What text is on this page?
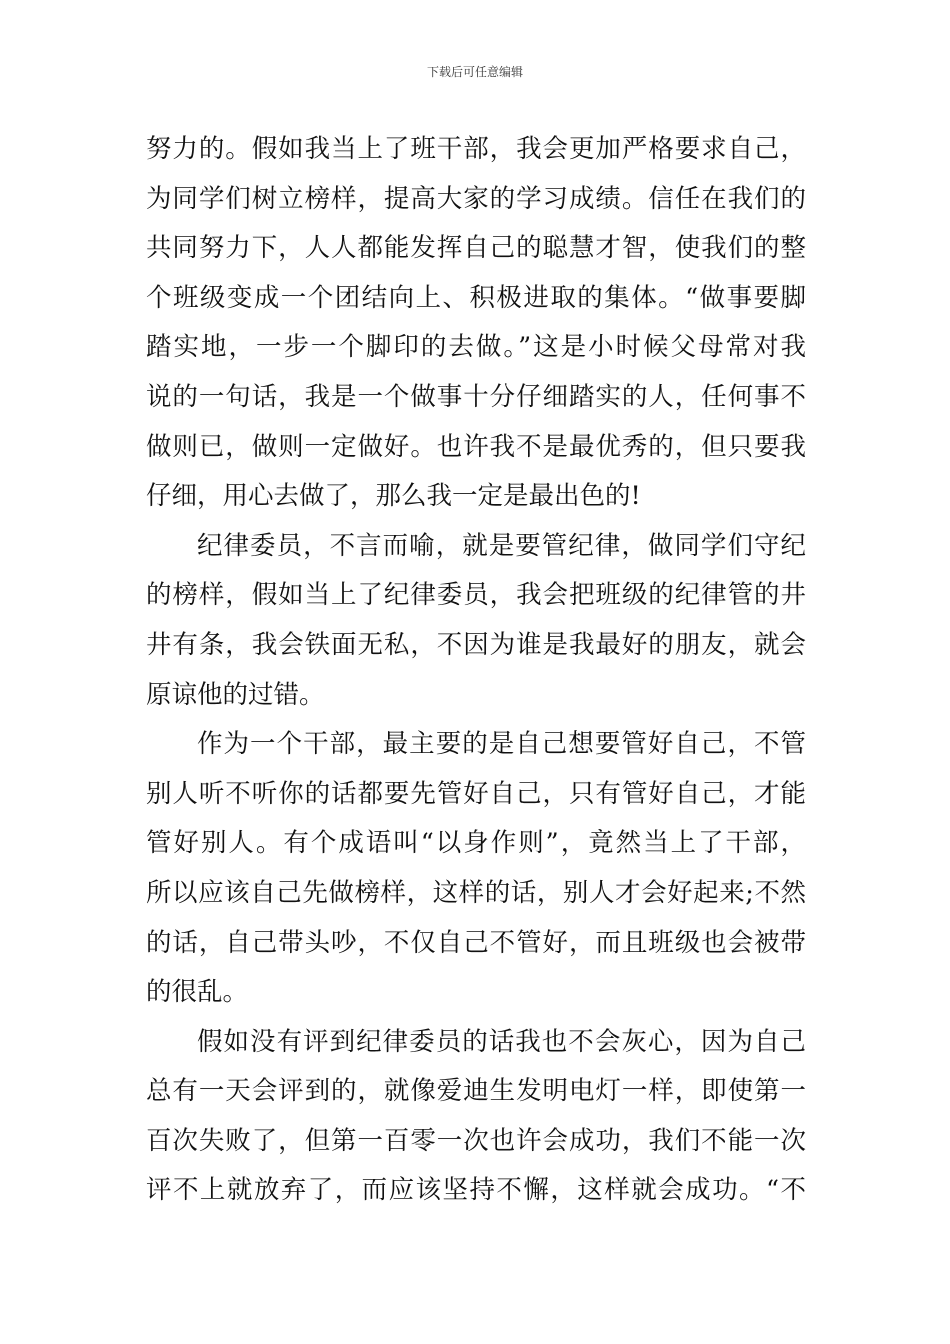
下载后可任意编辑
努力的。假如我当上了班干部，我会更加严格要求自己，
为同学们树立榜样，提高大家的学习成绩。信任在我们的
共同努力下，人人都能发挥自己的聪慧才智，使我们的整
个班级变成一个团结向上、积极进取的集体。“做事要脚
踏实地，一步一个脚印的去做。”这是小时候父母常对我
说的一句话，我是一个做事十分仔细踏实的人，任何事不
做则已，做则一定做好。也许我不是最优秀的，但只要我
仔细，用心去做了，那么我一定是最出色的!
纪律委员，不言而喻，就是要管纪律，做同学们守纪
的榜样，假如当上了纪律委员，我会把班级的纪律管的井
井有条，我会铁面无私，不因为谁是我最好的朋友，就会
原谅他的过错。
作为一个干部，最主要的是自己想要管好自己，不管
别人听不听你的话都要先管好自己，只有管好自己，才能
管好别人。有个成语叫“以身作则”，竟然当上了干部，
所以应该自己先做榜样，这样的话，别人才会好起来;不然
的话，自己带头吵，不仅自己不管好，而且班级也会被带
的很乱。
假如没有评到纪律委员的话我也不会灰心，因为自己
总有一天会评到的，就像爱迪生发明电灯一样，即使第一
百次失败了，但第一百零一次也许会成功，我们不能一次
评不上就放弃了，而应该坚持不懈，这样就会成功。“不
